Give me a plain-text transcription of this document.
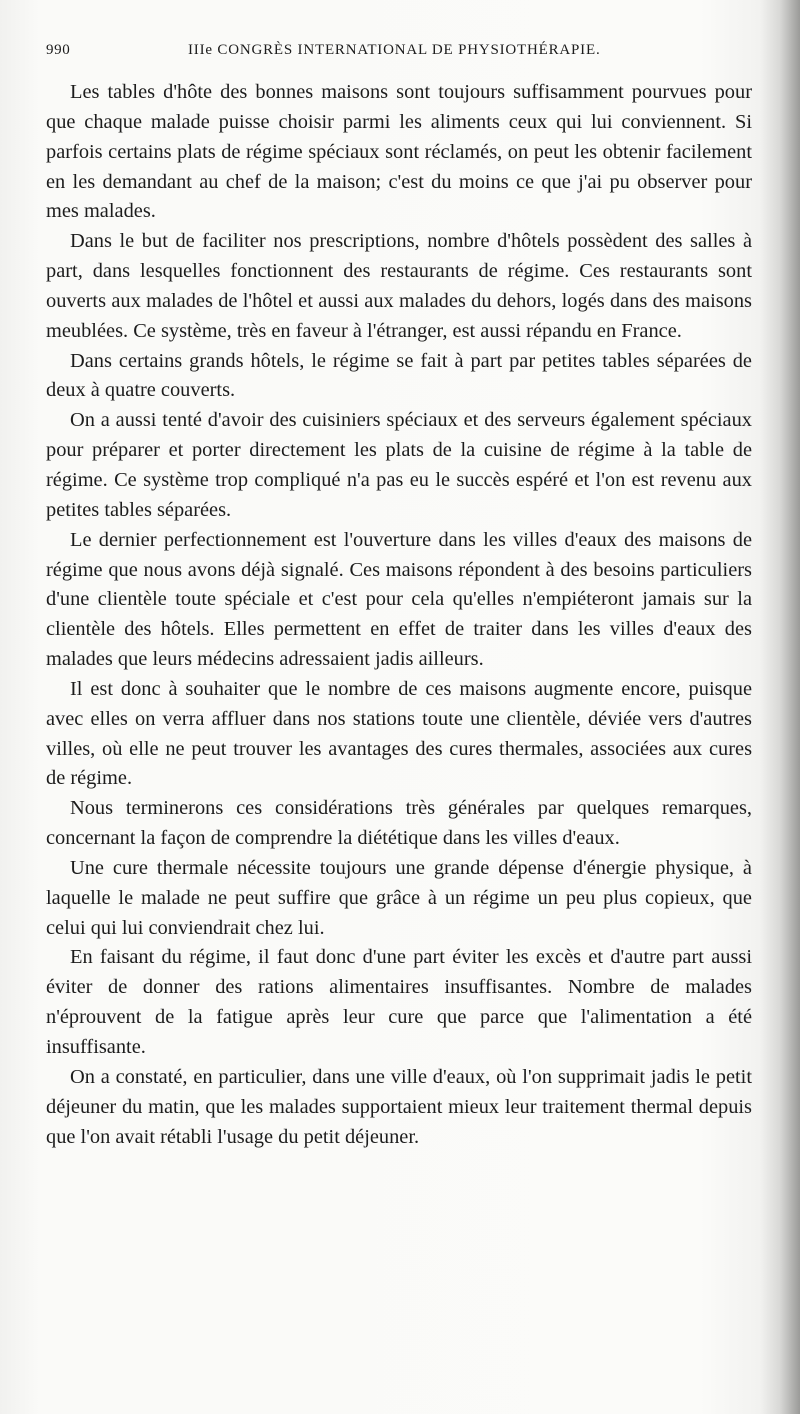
990	IIIe CONGRÈS INTERNATIONAL DE PHYSIOTHÉRAPIE.

Les tables d'hôte des bonnes maisons sont toujours suffisamment pourvues pour que chaque malade puisse choisir parmi les aliments ceux qui lui conviennent. Si parfois certains plats de régime spéciaux sont réclamés, on peut les obtenir facilement en les demandant au chef de la maison; c'est du moins ce que j'ai pu observer pour mes malades.

Dans le but de faciliter nos prescriptions, nombre d'hôtels possèdent des salles à part, dans lesquelles fonctionnent des restaurants de régime. Ces restaurants sont ouverts aux malades de l'hôtel et aussi aux malades du dehors, logés dans des maisons meublées. Ce système, très en faveur à l'étranger, est aussi répandu en France.

Dans certains grands hôtels, le régime se fait à part par petites tables séparées de deux à quatre couverts.

On a aussi tenté d'avoir des cuisiniers spéciaux et des serveurs également spéciaux pour préparer et porter directement les plats de la cuisine de régime à la table de régime. Ce système trop compliqué n'a pas eu le succès espéré et l'on est revenu aux petites tables séparées.

Le dernier perfectionnement est l'ouverture dans les villes d'eaux des maisons de régime que nous avons déjà signalé. Ces maisons répondent à des besoins particuliers d'une clientèle toute spéciale et c'est pour cela qu'elles n'empiéteront jamais sur la clientèle des hôtels. Elles permettent en effet de traiter dans les villes d'eaux des malades que leurs médecins adressaient jadis ailleurs.

Il est donc à souhaiter que le nombre de ces maisons augmente encore, puisque avec elles on verra affluer dans nos stations toute une clientèle, déviée vers d'autres villes, où elle ne peut trouver les avantages des cures thermales, associées aux cures de régime.

Nous terminerons ces considérations très générales par quelques remarques, concernant la façon de comprendre la diététique dans les villes d'eaux.

Une cure thermale nécessite toujours une grande dépense d'énergie physique, à laquelle le malade ne peut suffire que grâce à un régime un peu plus copieux, que celui qui lui conviendrait chez lui.

En faisant du régime, il faut donc d'une part éviter les excès et d'autre part aussi éviter de donner des rations alimentaires insuffisantes. Nombre de malades n'éprouvent de la fatigue après leur cure que parce que l'alimentation a été insuffisante.

On a constaté, en particulier, dans une ville d'eaux, où l'on supprimait jadis le petit déjeuner du matin, que les malades supportaient mieux leur traitement thermal depuis que l'on avait rétabli l'usage du petit déjeuner.
